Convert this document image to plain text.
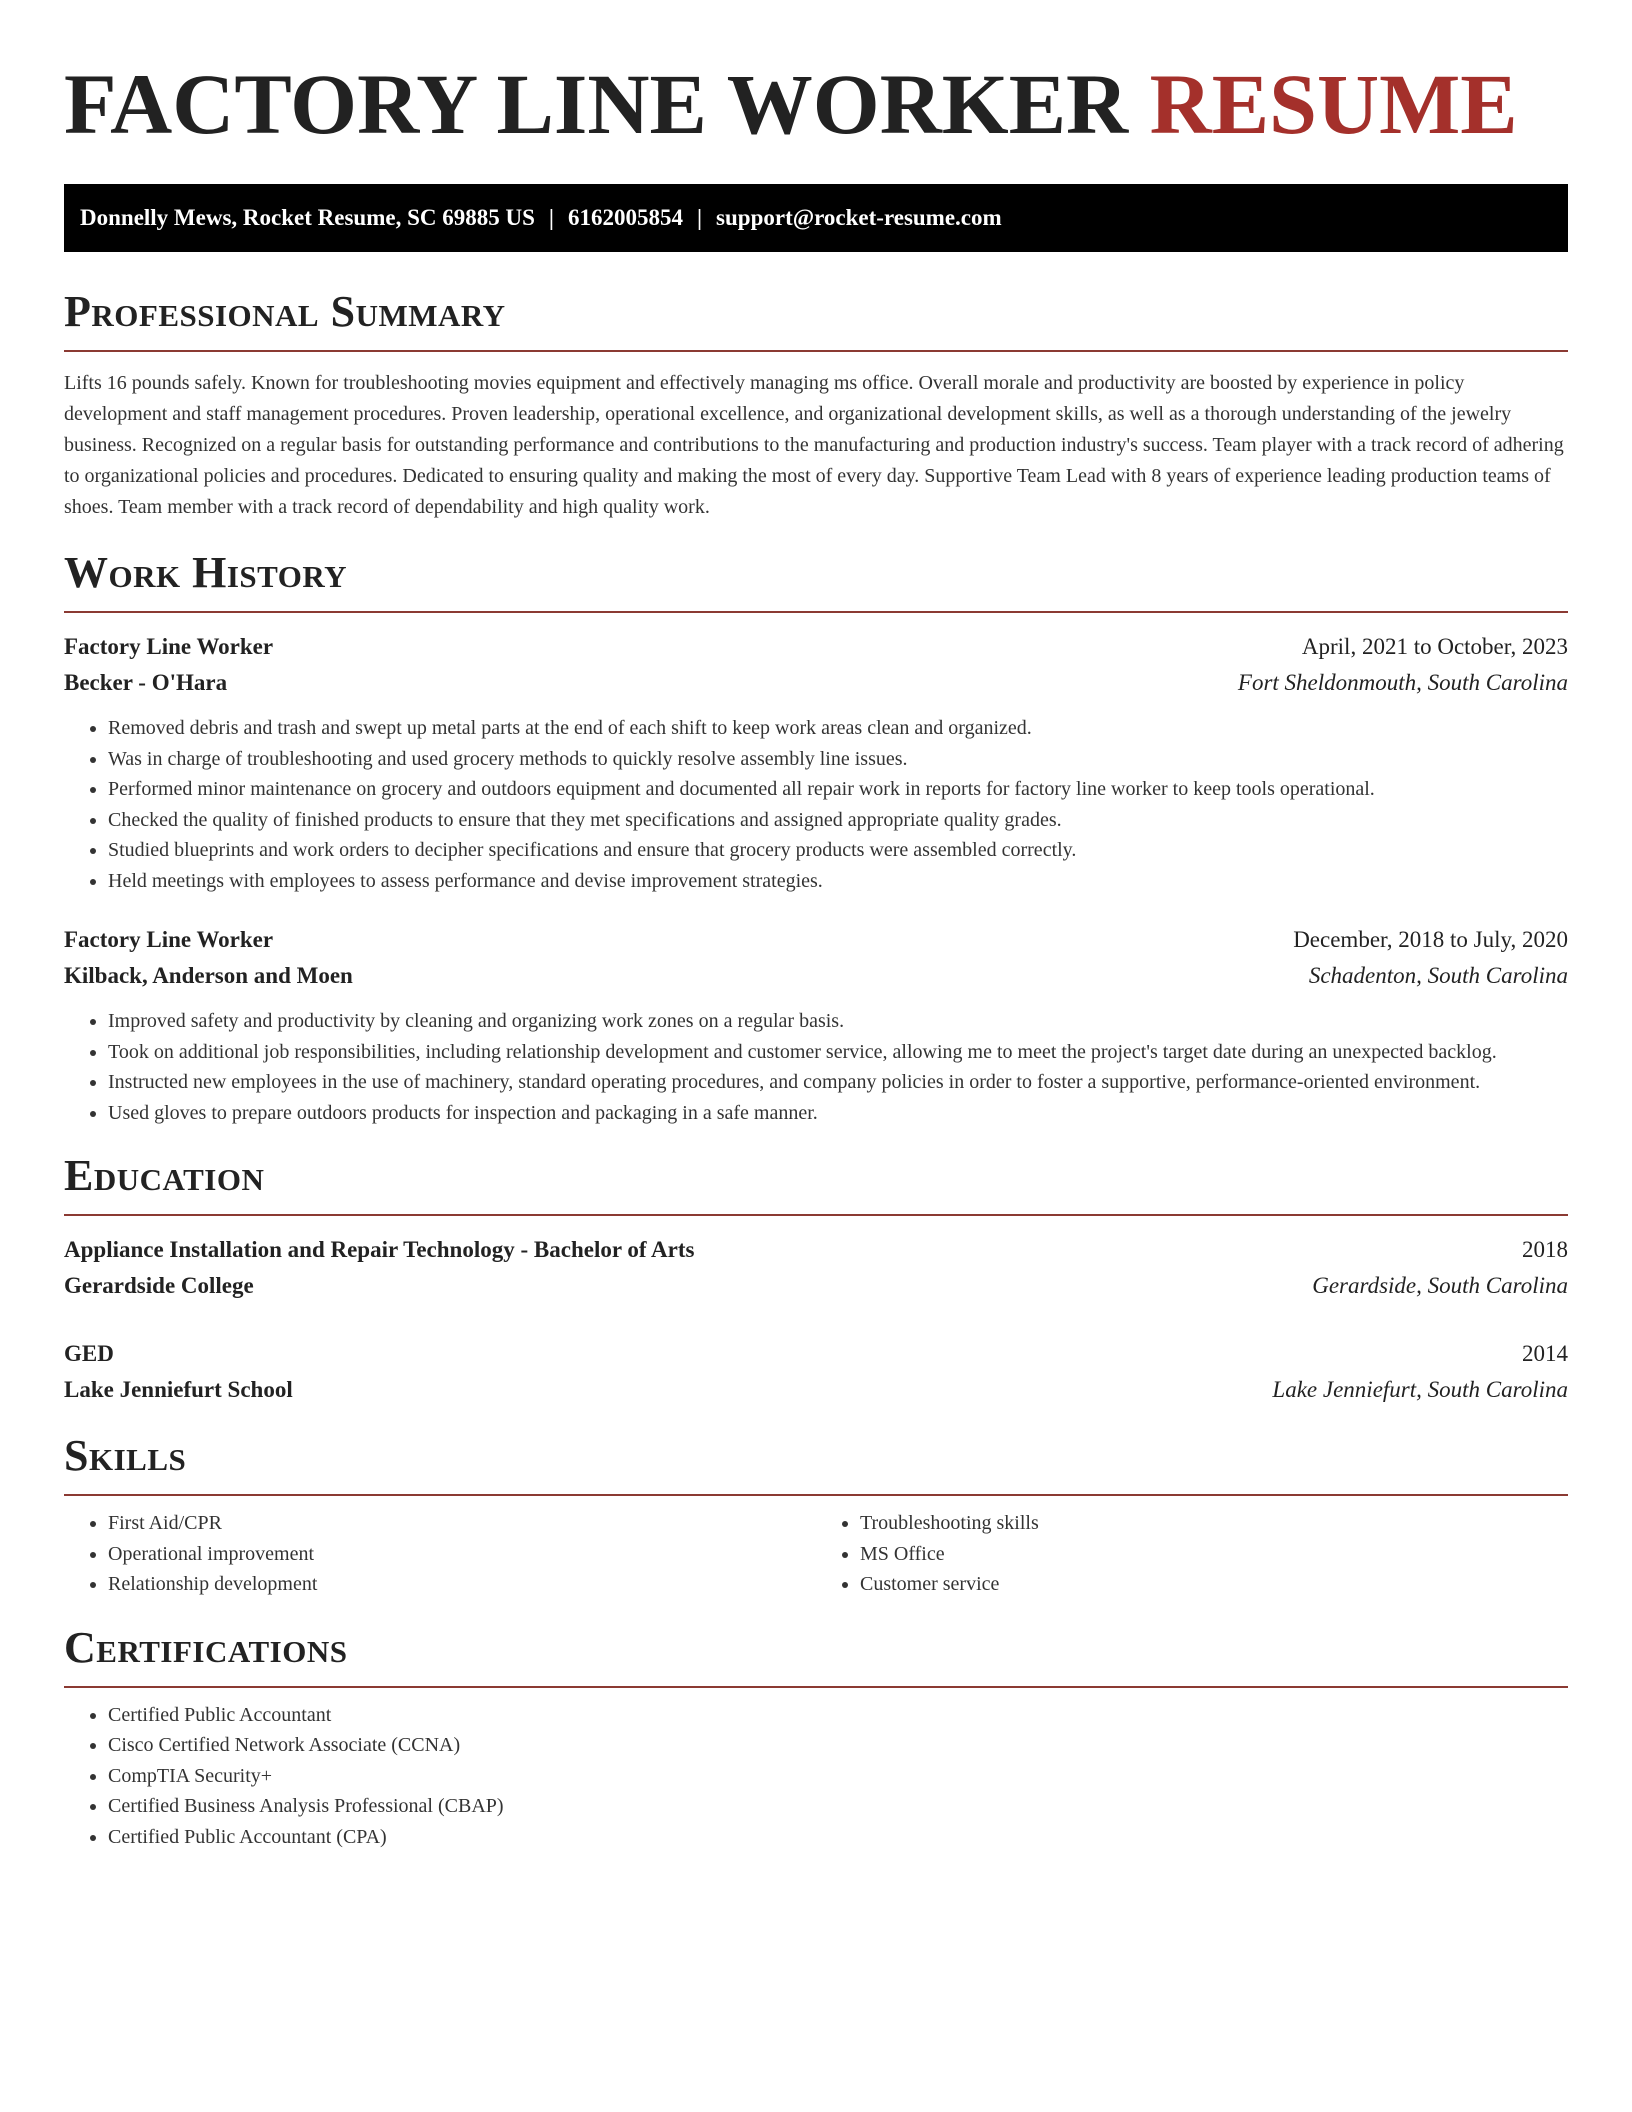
FACTORY LINE WORKER RESUME
Donnelly Mews, Rocket Resume, SC 69885 US | 6162005854 | support@rocket-resume.com
Professional Summary

Lifts 16 pounds safely. Known for troubleshooting movies equipment and effectively managing ms office. Overall morale and productivity are boosted by experience in policy development and staff management procedures. Proven leadership, operational excellence, and organizational development skills, as well as a thorough understanding of the jewelry business. Recognized on a regular basis for outstanding performance and contributions to the manufacturing and production industry's success. Team player with a track record of adhering to organizational policies and procedures. Dedicated to ensuring quality and making the most of every day. Supportive Team Lead with 8 years of experience leading production teams of shoes. Team member with a track record of dependability and high quality work.

Work History
Factory Line Worker	April, 2021 to October, 2023
Becker - O'Hara	Fort Sheldonmouth, South Carolina
• Removed debris and trash and swept up metal parts at the end of each shift to keep work areas clean and organized.
• Was in charge of troubleshooting and used grocery methods to quickly resolve assembly line issues.
• Performed minor maintenance on grocery and outdoors equipment and documented all repair work in reports for factory line worker to keep tools operational.
• Checked the quality of finished products to ensure that they met specifications and assigned appropriate quality grades.
• Studied blueprints and work orders to decipher specifications and ensure that grocery products were assembled correctly.
• Held meetings with employees to assess performance and devise improvement strategies.
Factory Line Worker	December, 2018 to July, 2020
Kilback, Anderson and Moen	Schadenton, South Carolina
• Improved safety and productivity by cleaning and organizing work zones on a regular basis.
• Took on additional job responsibilities, including relationship development and customer service, allowing me to meet the project's target date during an unexpected backlog.
• Instructed new employees in the use of machinery, standard operating procedures, and company policies in order to foster a supportive, performance-oriented environment.
• Used gloves to prepare outdoors products for inspection and packaging in a safe manner.
Education
Appliance Installation and Repair Technology - Bachelor of Arts	2018
Gerardside College	Gerardside, South Carolina
GED	2014
Lake Jenniefurt School	Lake Jenniefurt, South Carolina
Skills
• First Aid/CPR
• Operational improvement
• Relationship development
• Troubleshooting skills
• MS Office
• Customer service
Certifications
• Certified Public Accountant
• Cisco Certified Network Associate (CCNA)
• CompTIA Security+
• Certified Business Analysis Professional (CBAP)
• Certified Public Accountant (CPA)
